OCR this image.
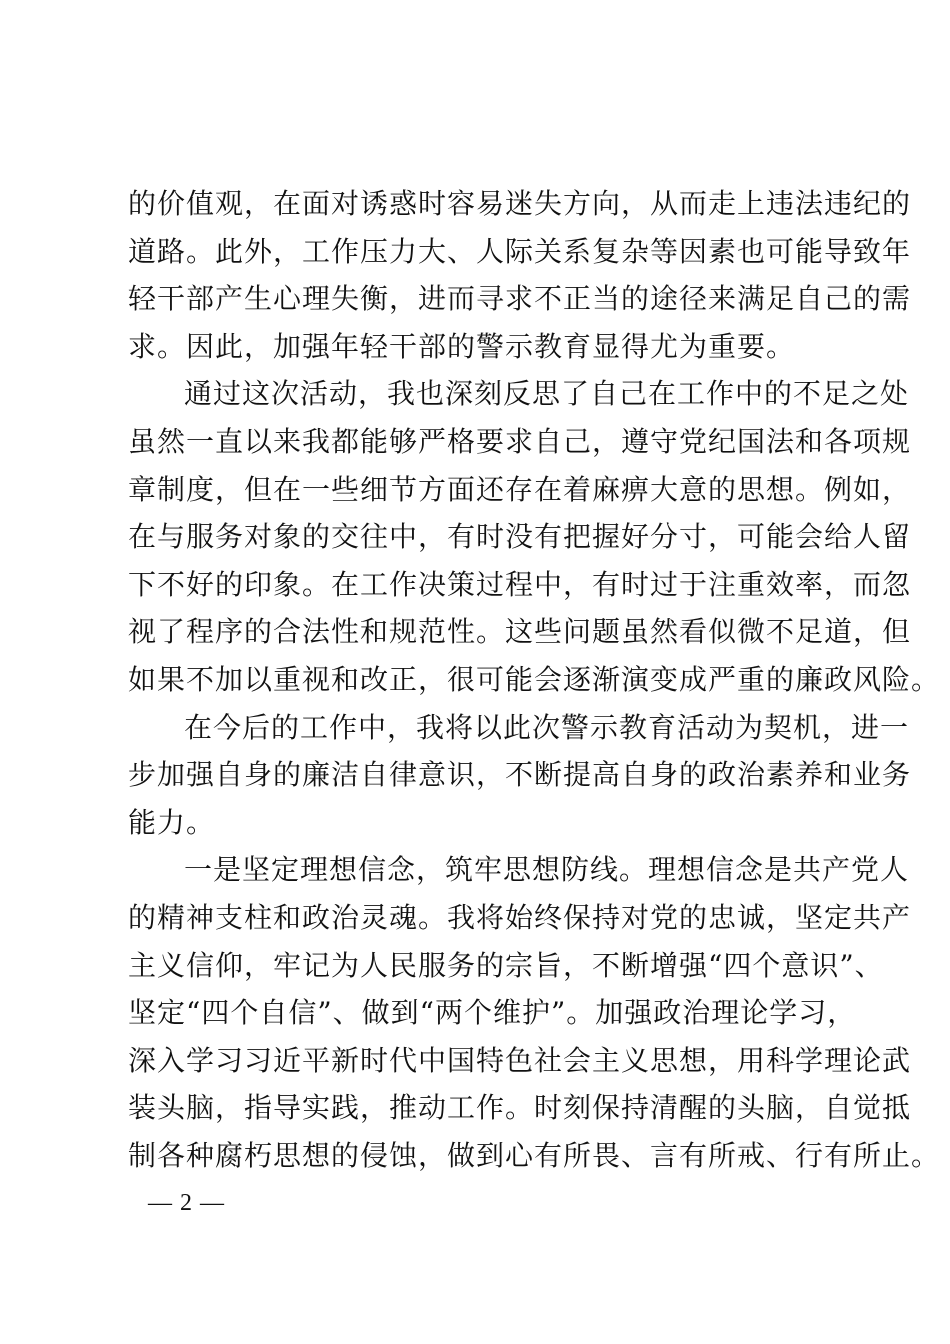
的价值观，在面对诱惑时容易迷失方向，从而走上违法违纪的
道路。此外，工作压力大、人际关系复杂等因素也可能导致年
轻干部产生心理失衡，进而寻求不正当的途径来满足自己的需
求。因此，加强年轻干部的警示教育显得尤为重要。
通过这次活动，我也深刻反思了自己在工作中的不足之处
虽然一直以来我都能够严格要求自己，遵守党纪国法和各项规
章制度，但在一些细节方面还存在着麻痹大意的思想。例如，
在与服务对象的交往中，有时没有把握好分寸，可能会给人留
下不好的印象。在工作决策过程中，有时过于注重效率，而忽
视了程序的合法性和规范性。这些问题虽然看似微不足道，但
如果不加以重视和改正，很可能会逐渐演变成严重的廉政风险。
在今后的工作中，我将以此次警示教育活动为契机，进一
步加强自身的廉洁自律意识，不断提高自身的政治素养和业务
能力。
一是坚定理想信念，筑牢思想防线。理想信念是共产党人
的精神支柱和政治灵魂。我将始终保持对党的忠诚，坚定共产
主义信仰，牢记为人民服务的宗旨，不断增强“四个意识”、
坚定“四个自信”、做到“两个维护”。加强政治理论学习，
深入学习习近平新时代中国特色社会主义思想，用科学理论武
装头脑，指导实践，推动工作。时刻保持清醒的头脑，自觉抵
制各种腐朽思想的侵蚀，做到心有所畏、言有所戒、行有所止。
— 2 —
